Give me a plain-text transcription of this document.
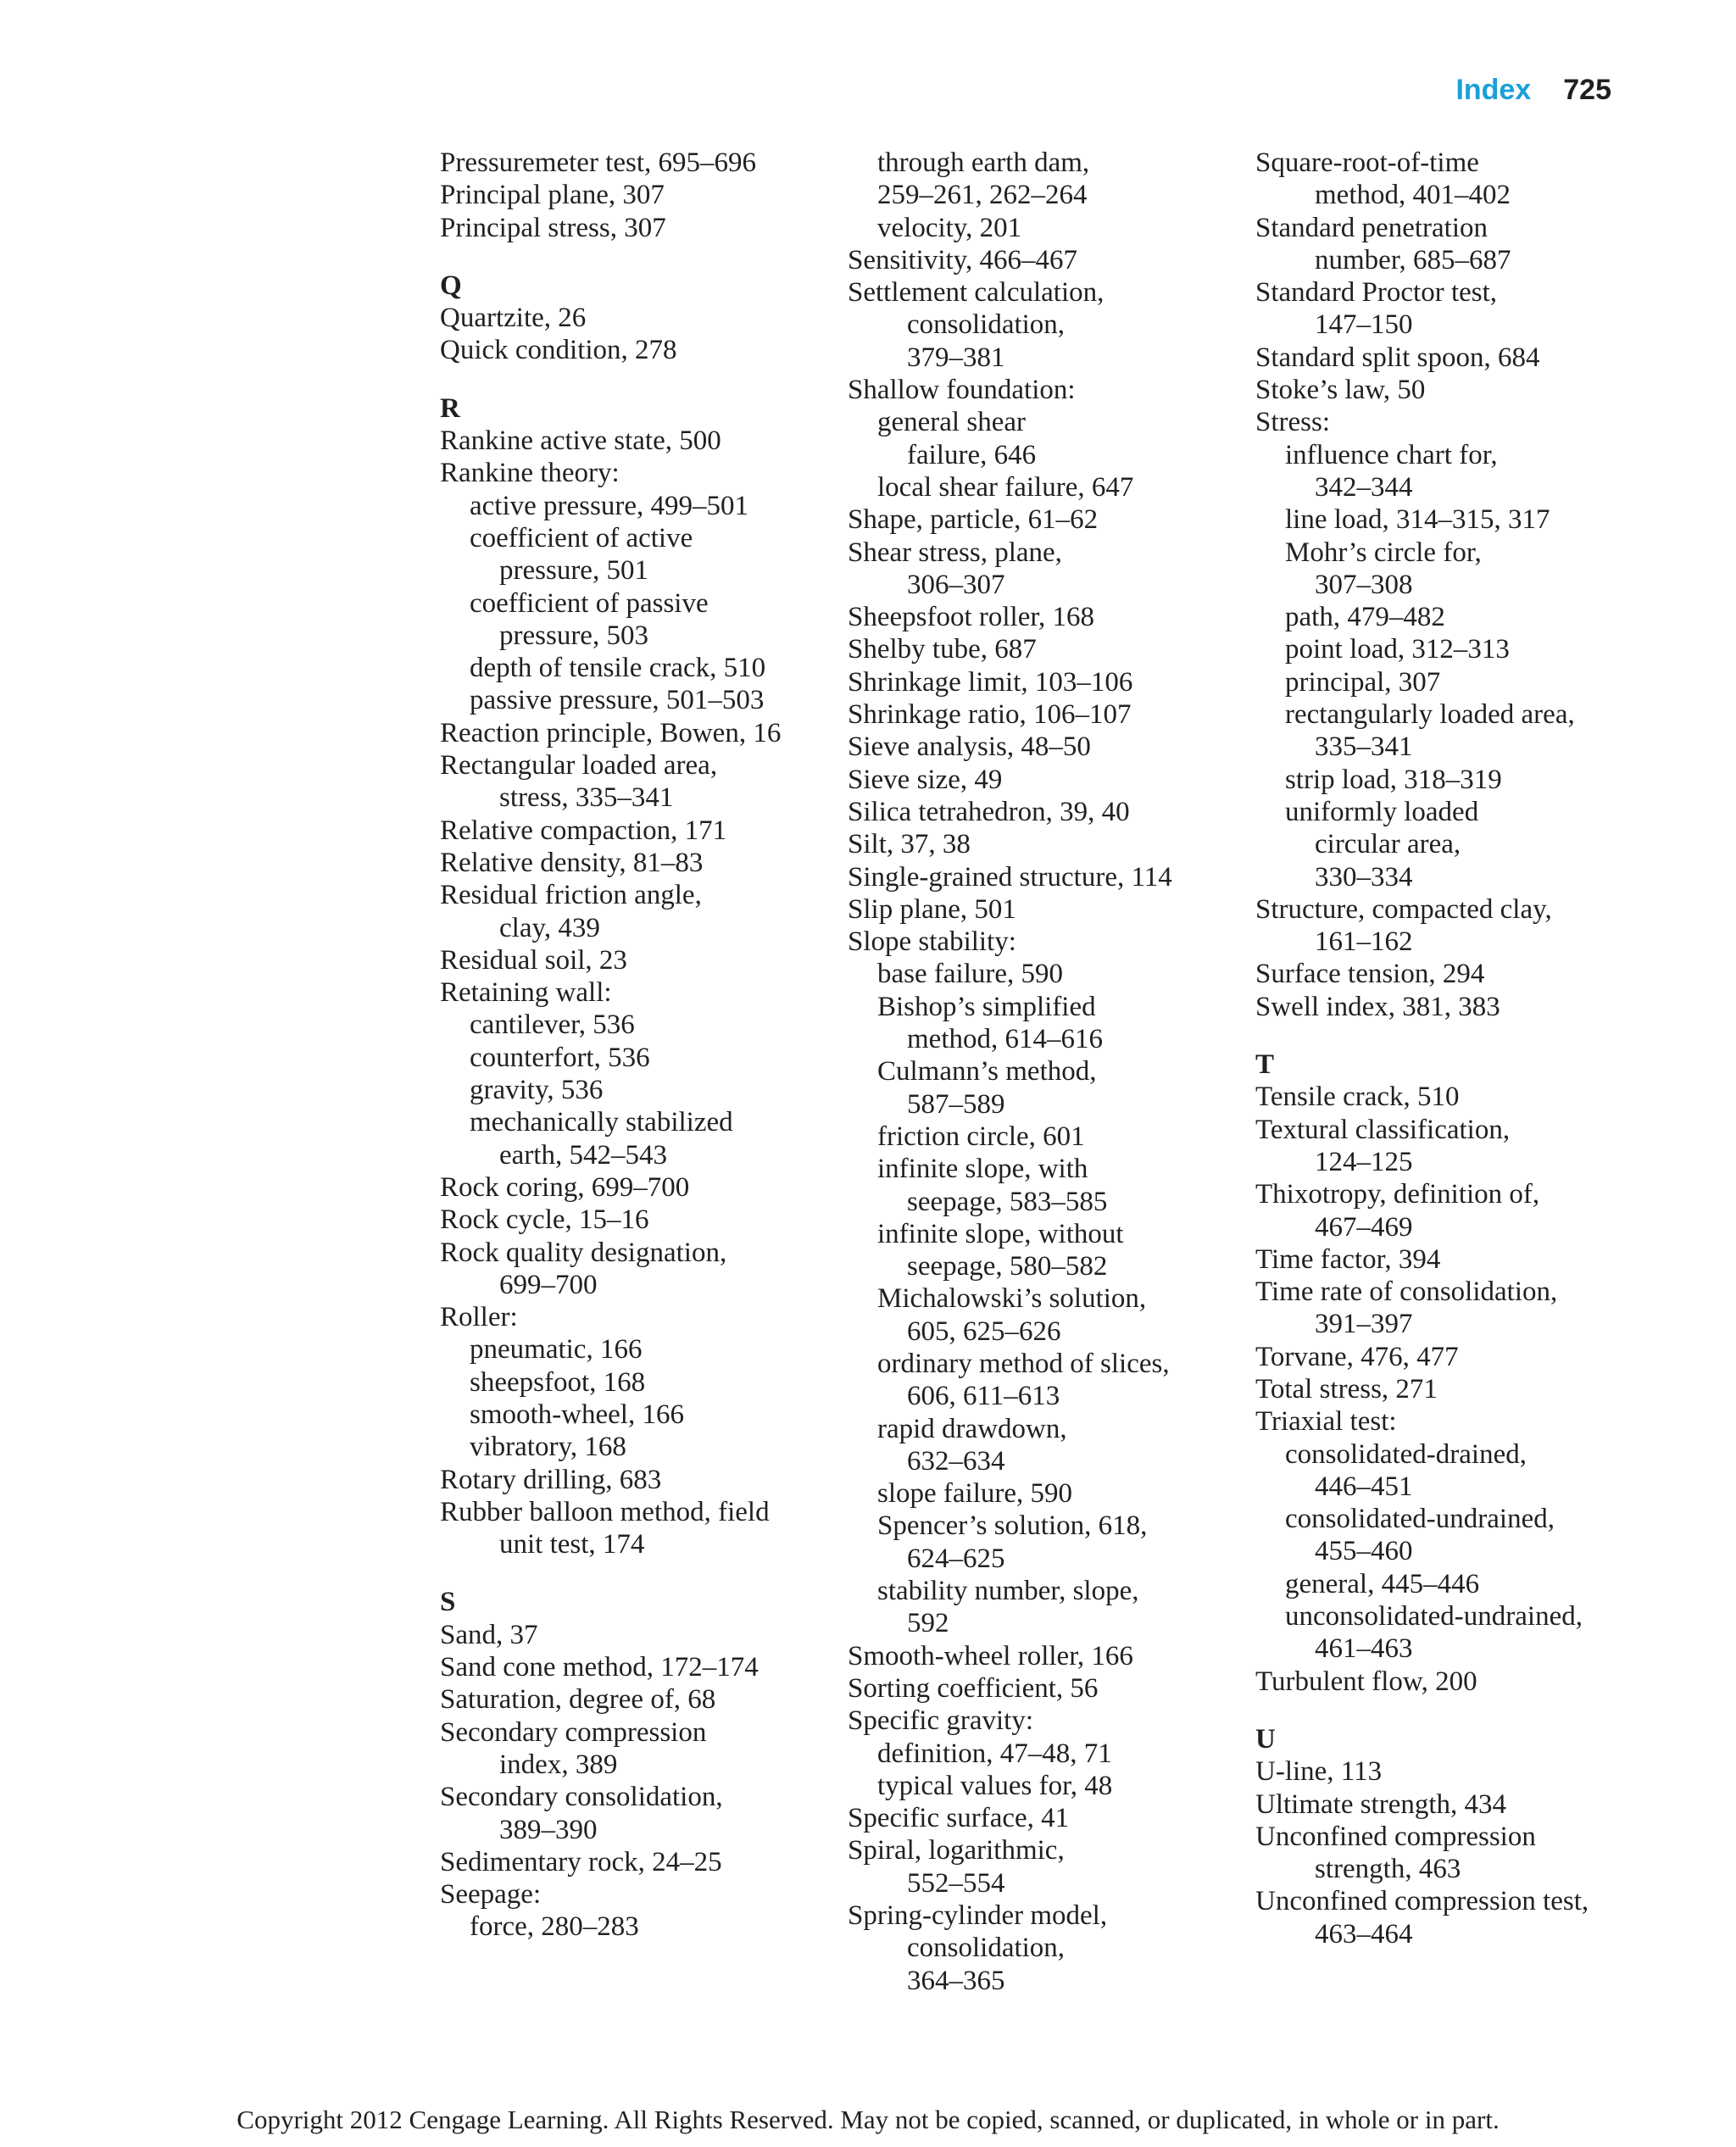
Index 725
Pressuremeter test, 695–696
Principal plane, 307
Principal stress, 307
Q
Quartzite, 26
Quick condition, 278
R
Rankine active state, 500
Rankine theory:
active pressure, 499–501
coefficient of active
pressure, 501
coefficient of passive
pressure, 503
depth of tensile crack, 510
passive pressure, 501–503
Reaction principle, Bowen, 16
Rectangular loaded area,
stress, 335–341
Relative compaction, 171
Relative density, 81–83
Residual friction angle,
clay, 439
Residual soil, 23
Retaining wall:
cantilever, 536
counterfort, 536
gravity, 536
mechanically stabilized
earth, 542–543
Rock coring, 699–700
Rock cycle, 15–16
Rock quality designation,
699–700
Roller:
pneumatic, 166
sheepsfoot, 168
smooth-wheel, 166
vibratory, 168
Rotary drilling, 683
Rubber balloon method, field
unit test, 174
S
Sand, 37
Sand cone method, 172–174
Saturation, degree of, 68
Secondary compression
index, 389
Secondary consolidation,
389–390
Sedimentary rock, 24–25
Seepage:
force, 280–283
through earth dam,
259–261, 262–264
velocity, 201
Sensitivity, 466–467
Settlement calculation,
consolidation,
379–381
Shallow foundation:
general shear
failure, 646
local shear failure, 647
Shape, particle, 61–62
Shear stress, plane,
306–307
Sheepsfoot roller, 168
Shelby tube, 687
Shrinkage limit, 103–106
Shrinkage ratio, 106–107
Sieve analysis, 48–50
Sieve size, 49
Silica tetrahedron, 39, 40
Silt, 37, 38
Single-grained structure, 114
Slip plane, 501
Slope stability:
base failure, 590
Bishop’s simplified
method, 614–616
Culmann’s method,
587–589
friction circle, 601
infinite slope, with
seepage, 583–585
infinite slope, without
seepage, 580–582
Michalowski’s solution,
605, 625–626
ordinary method of slices,
606, 611–613
rapid drawdown,
632–634
slope failure, 590
Spencer’s solution, 618,
624–625
stability number, slope,
592
Smooth-wheel roller, 166
Sorting coefficient, 56
Specific gravity:
definition, 47–48, 71
typical values for, 48
Specific surface, 41
Spiral, logarithmic,
552–554
Spring-cylinder model,
consolidation,
364–365
Square-root-of-time
method, 401–402
Standard penetration
number, 685–687
Standard Proctor test,
147–150
Standard split spoon, 684
Stoke’s law, 50
Stress:
influence chart for,
342–344
line load, 314–315, 317
Mohr’s circle for,
307–308
path, 479–482
point load, 312–313
principal, 307
rectangularly loaded area,
335–341
strip load, 318–319
uniformly loaded
circular area,
330–334
Structure, compacted clay,
161–162
Surface tension, 294
Swell index, 381, 383
T
Tensile crack, 510
Textural classification,
124–125
Thixotropy, definition of,
467–469
Time factor, 394
Time rate of consolidation,
391–397
Torvane, 476, 477
Total stress, 271
Triaxial test:
consolidated-drained,
446–451
consolidated-undrained,
455–460
general, 445–446
unconsolidated-undrained,
461–463
Turbulent flow, 200
U
U-line, 113
Ultimate strength, 434
Unconfined compression
strength, 463
Unconfined compression test,
463–464
Copyright 2012 Cengage Learning. All Rights Reserved. May not be copied, scanned, or duplicated, in whole or in part.
